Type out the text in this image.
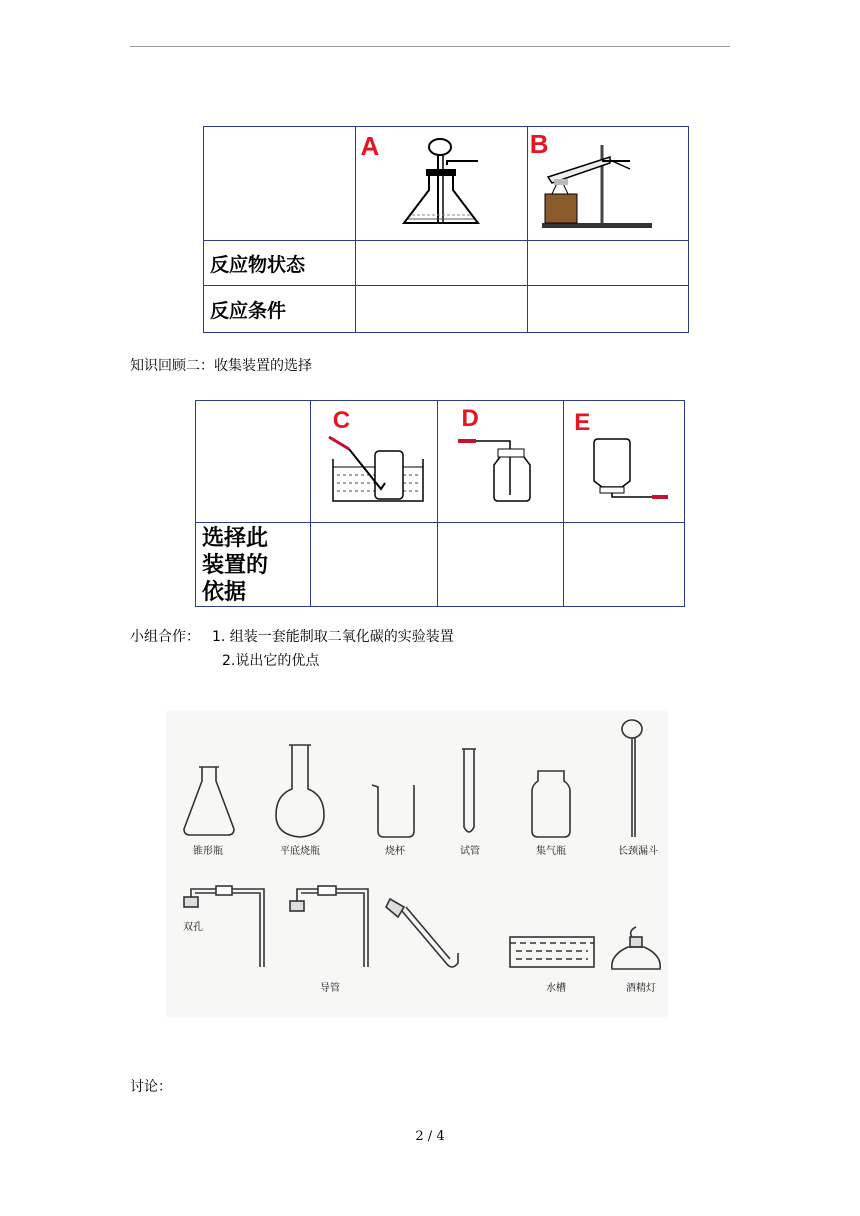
	A	B

反应物状态		
反应条件		
知识回顾二：收集装置的选择

	C	D	E

选择此
装置的
依据			

小组合作： 1. 组装一套能制取二氧化碳的实验装置
2.说出它的优点
锥形瓶	平底烧瓶	烧杯	试管	集气瓶	长颈漏斗
双孔
导管	水槽	酒精灯
讨论：
2 / 4
